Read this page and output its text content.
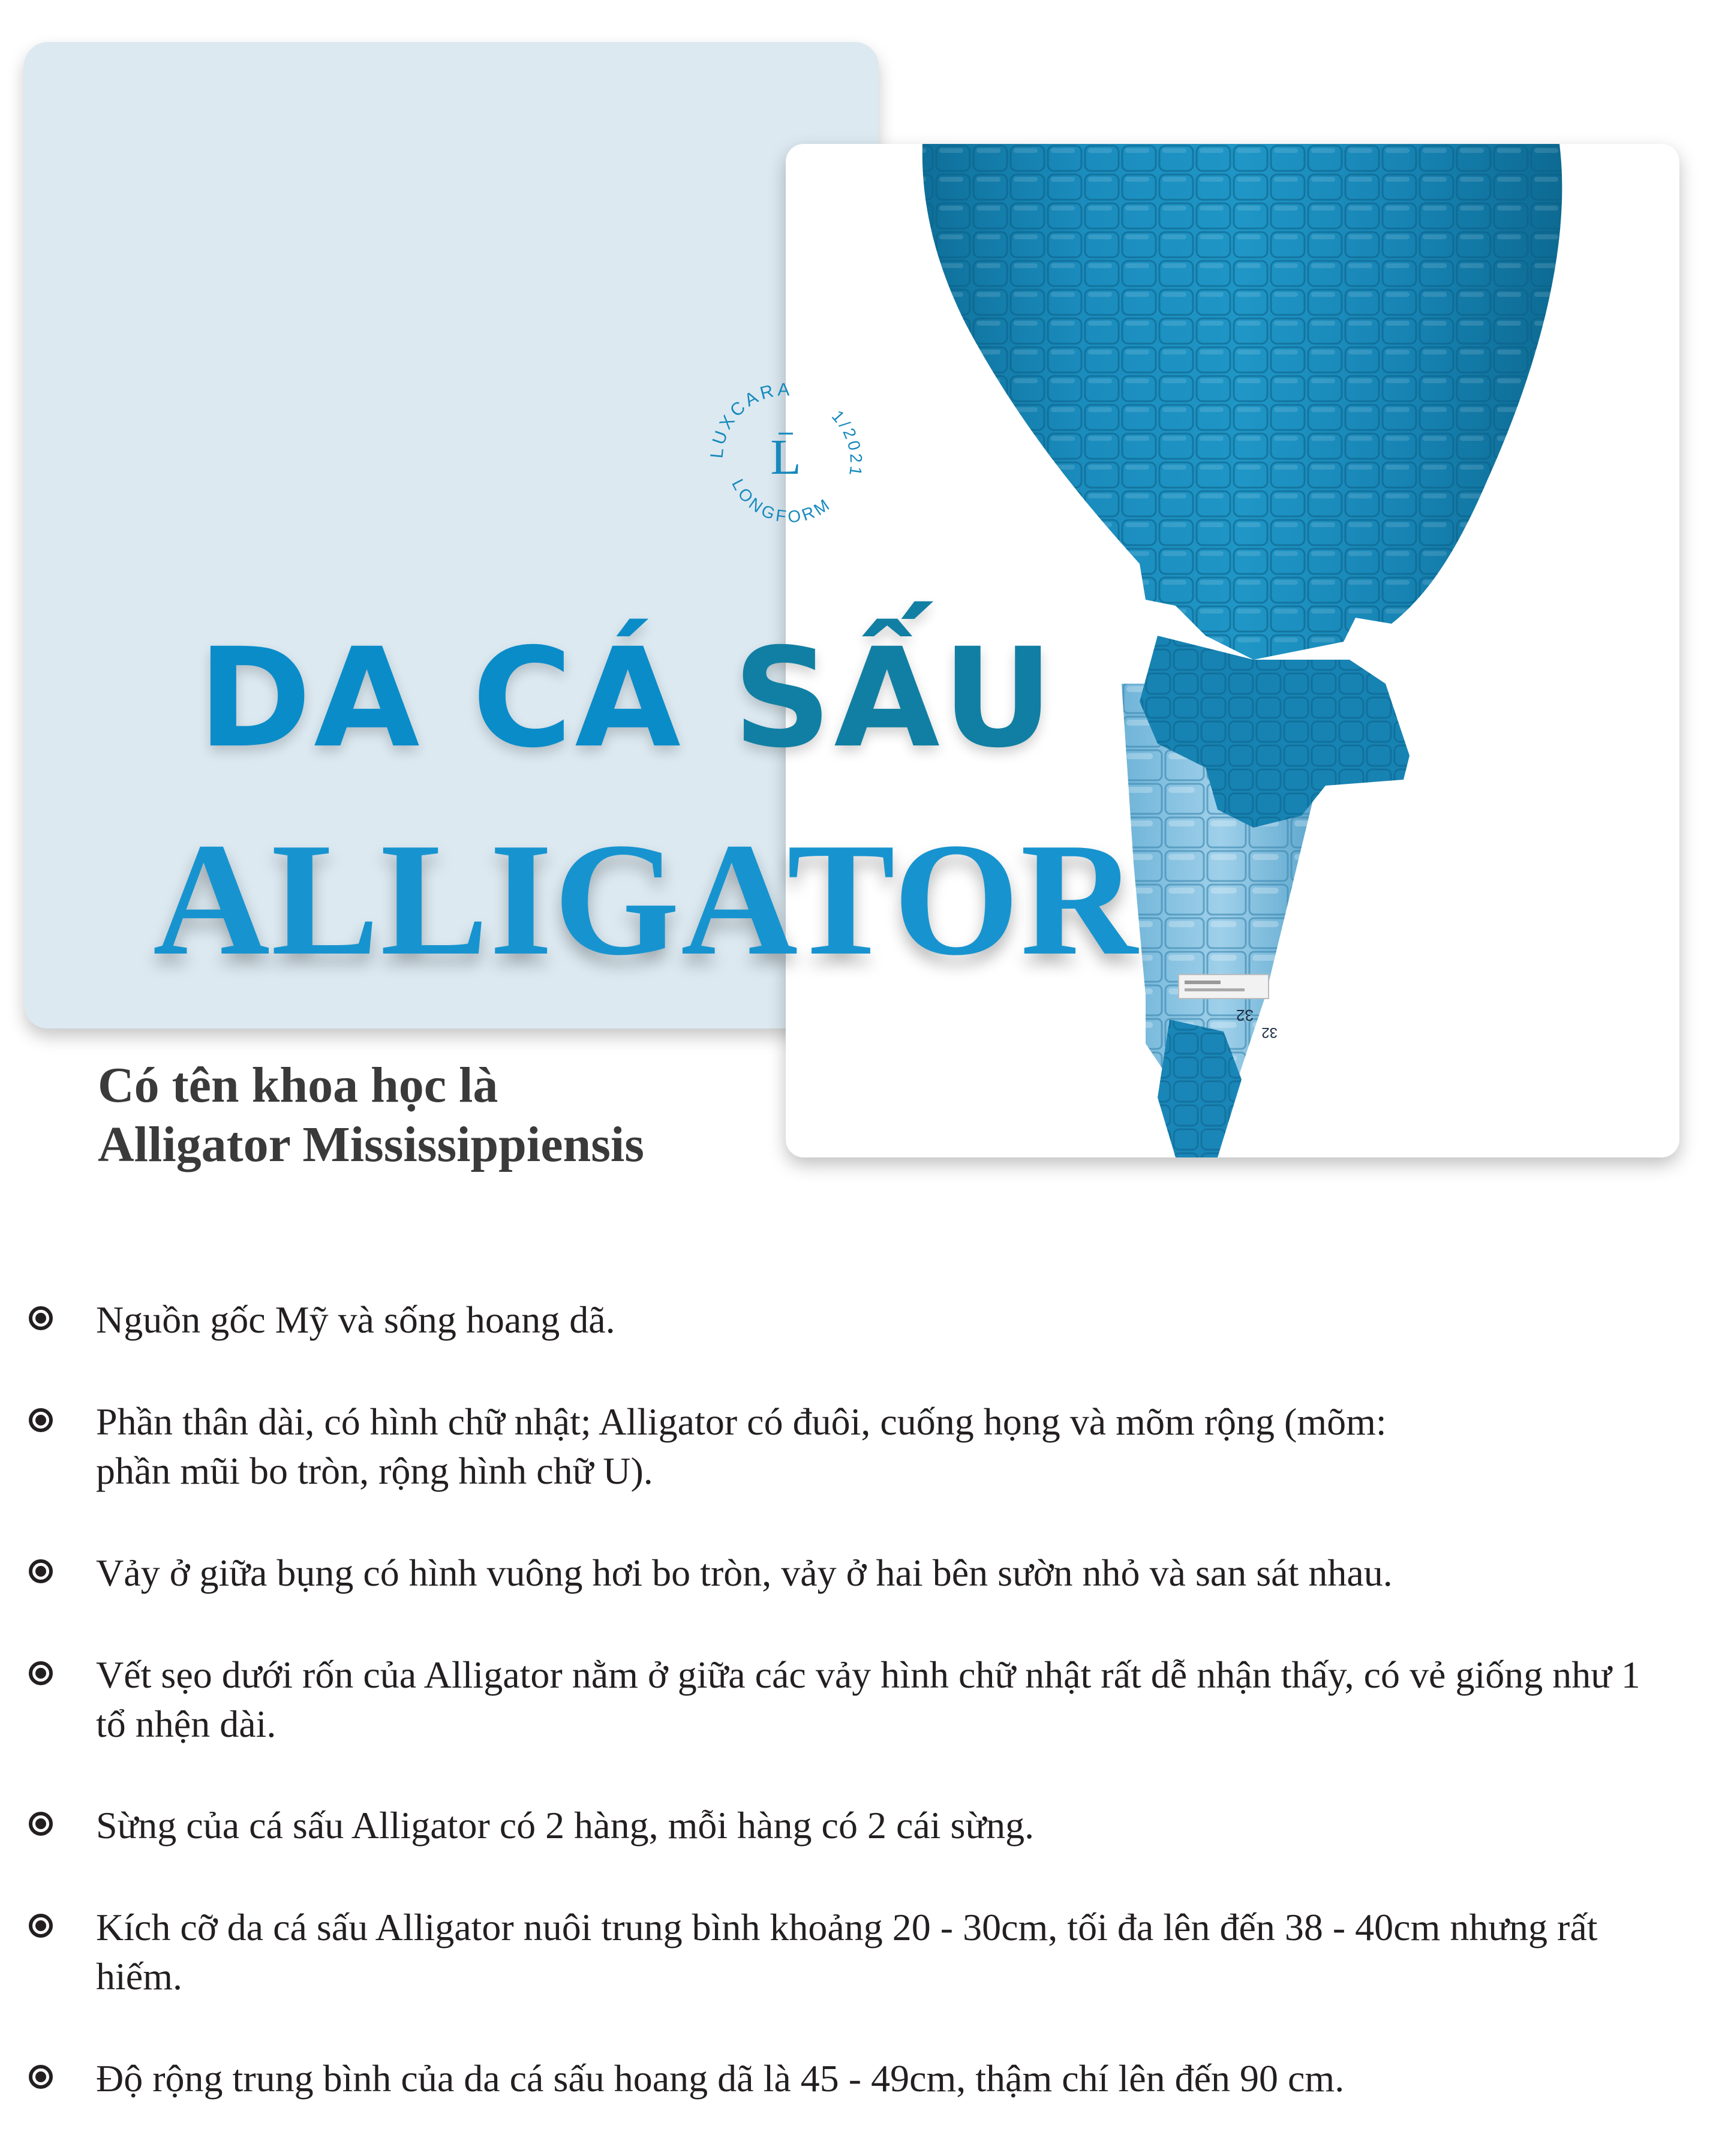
32
32
LUXCARA
1/2021
LONGFORM
L
DA CÁ SẤU
ALLIGATOR

Có tên khoa học là
Alligator Mississippiensis

Nguồn gốc Mỹ và sống hoang dã.
Phần thân dài, có hình chữ nhật; Alligator có đuôi, cuống họng và mõm rộng (mõm: phần mũi bo tròn, rộng hình chữ U).
Vảy ở giữa bụng có hình vuông hơi bo tròn, vảy ở hai bên sườn nhỏ và san sát nhau.
Vết sẹo dưới rốn của Alligator nằm ở giữa các vảy hình chữ nhật rất dễ nhận thấy, có vẻ giống như 1 tổ nhện dài.
Sừng của cá sấu Alligator có 2 hàng, mỗi hàng có 2 cái sừng.
Kích cỡ da cá sấu Alligator nuôi trung bình khoảng 20 - 30cm, tối đa lên đến 38 - 40cm nhưng rất hiếm.
Độ rộng trung bình của da cá sấu hoang dã là 45 - 49cm, thậm chí lên đến 90 cm.
